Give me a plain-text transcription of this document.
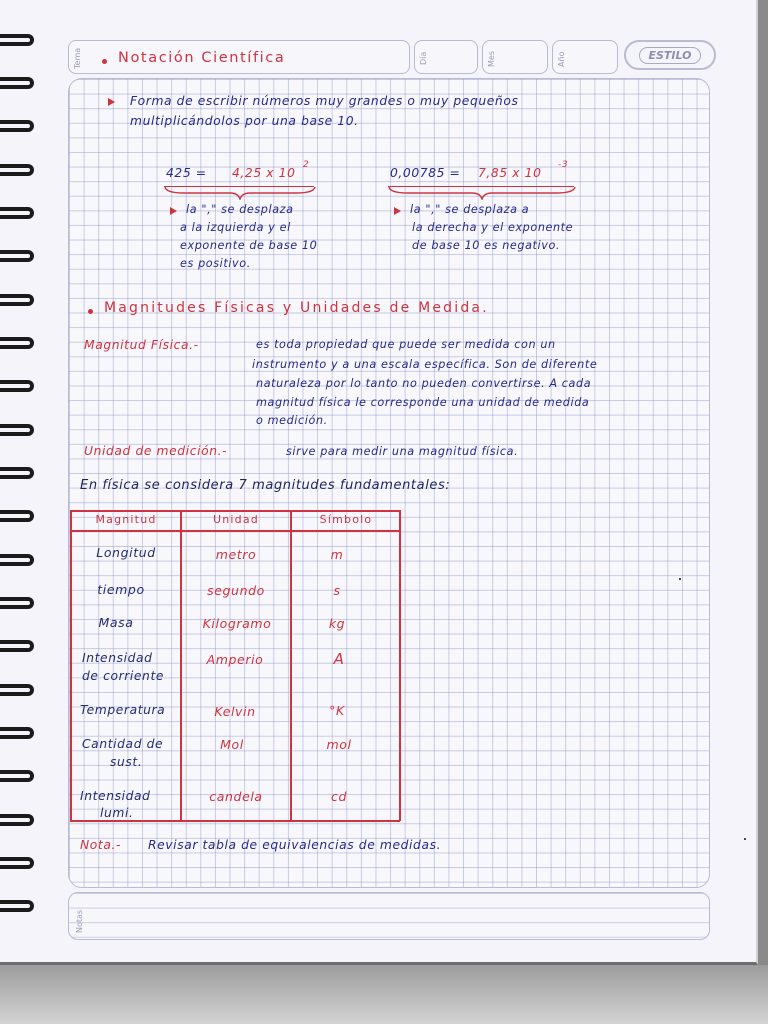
Tema	Día	Mes	Año	ESTILO
Notación Científica
Forma de escribir números muy grandes o muy pequeños
multiplicándolos por una base 10.
425 = 4,25 x 10
2
0,00785 = 7,85 x 10
-3
la "," se desplaza
a la izquierda y el
exponente de base 10
es positivo.
la "," se desplaza a
la derecha y el exponente
de base 10 es negativo.
Magnitudes Físicas y Unidades de Medida.
Magnitud Física.-	es toda propiedad que puede ser medida con un
instrumento y a una escala específica. Son de diferente
naturaleza por lo tanto no pueden convertirse. A cada
magnitud física le corresponde una unidad de medida
o medición.
Unidad de medición.-	sirve para medir una magnitud física.
En física se considera 7 magnitudes fundamentales:
Magnitud	Unidad	Símbolo
Longitud	metro	m
tiempo	segundo	s
Masa	Kilogramo	kg
Intensidad
de corriente
Amperio	A
Temperatura	Kelvin	°K
Cantidad de
sust.
Mol	mol
Intensidad
lumi.
candela	cd
Nota.- Revisar tabla de equivalencias de medidas.
Notas
